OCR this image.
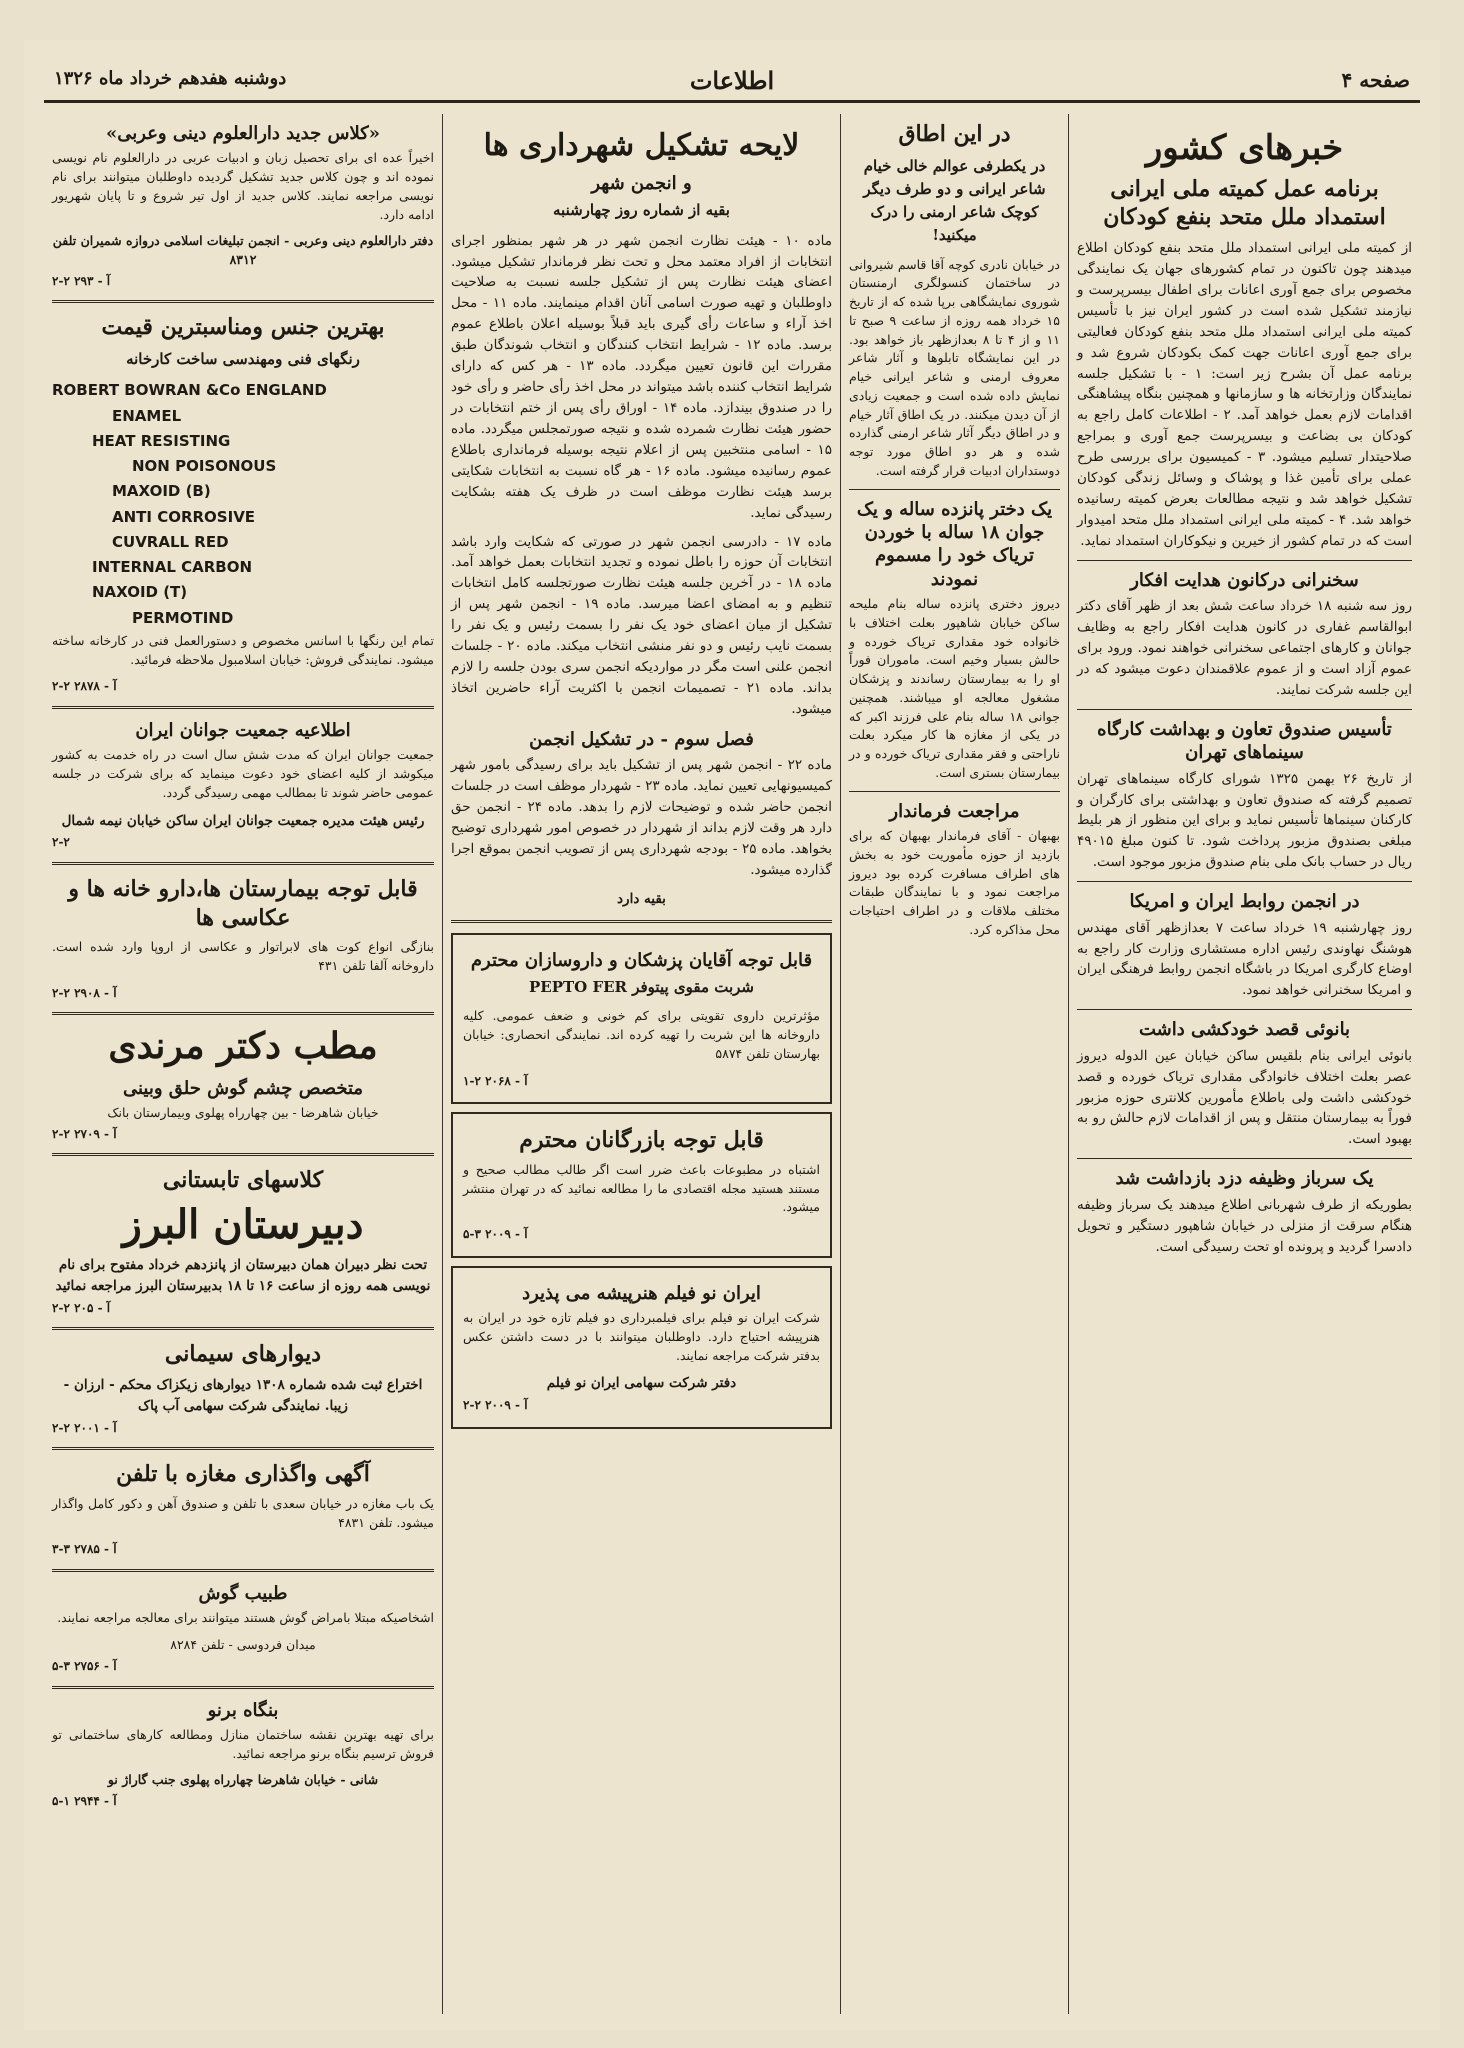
صفحه ۴
اطلاعات
دوشنبه هفدهم خرداد ماه ۱۳۲۶
خبرهای کشور
برنامه عمل کمیته ملی ایرانی استمداد ملل متحد بنفع کودکان

از کمیته ملی ایرانی استمداد ملل متحد بنفع کودکان اطلاع میدهند چون تاکنون در تمام کشورهای جهان یک نمایندگی مخصوص برای جمع آوری اعانات برای اطفال بیسرپرست و نیازمند تشکیل شده است در کشور ایران نیز با تأسیس کمیته ملی ایرانی استمداد ملل متحد بنفع کودکان فعالیتی برای جمع آوری اعانات جهت کمک بکودکان شروع شد و برنامه عمل آن بشرح زیر است: ۱ - با تشکیل جلسه نمایندگان وزارتخانه ها و سازمانها و همچنین بنگاه پیشاهنگی اقدامات لازم بعمل خواهد آمد. ۲ - اطلاعات کامل راجع به کودکان بی بضاعت و بیسرپرست جمع آوری و بمراجع صلاحیتدار تسلیم میشود. ۳ - کمیسیون برای بررسی طرح عملی برای تأمین غذا و پوشاک و وسائل زندگی کودکان تشکیل خواهد شد و نتیجه مطالعات بعرض کمیته رسانیده خواهد شد. ۴ - کمیته ملی ایرانی استمداد ملل متحد امیدوار است که در تمام کشور از خیرین و نیکوکاران استمداد نماید.

سخنرانی درکانون هدایت افکار

روز سه شنبه ۱۸ خرداد ساعت شش بعد از ظهر آقای دکتر ابوالقاسم غفاری در کانون هدایت افکار راجع به وظایف جوانان و کارهای اجتماعی سخنرانی خواهند نمود. ورود برای عموم آزاد است و از عموم علاقمندان دعوت میشود که در این جلسه شرکت نمایند.

تأسیس صندوق تعاون و بهداشت کارگاه سینماهای تهران

از تاریخ ۲۶ بهمن ۱۳۲۵ شورای کارگاه سینماهای تهران تصمیم گرفته که صندوق تعاون و بهداشتی برای کارگران و کارکنان سینماها تأسیس نماید و برای این منظور از هر بلیط مبلغی بصندوق مزبور پرداخت شود. تا کنون مبلغ ۴۹۰۱۵ ریال در حساب بانک ملی بنام صندوق مزبور موجود است.

در انجمن روابط ایران و امریکا

روز چهارشنبه ۱۹ خرداد ساعت ۷ بعدازظهر آقای مهندس هوشنگ نهاوندی رئیس اداره مستشاری وزارت کار راجع به اوضاع کارگری امریکا در باشگاه انجمن روابط فرهنگی ایران و امریکا سخنرانی خواهد نمود.

بانوئی قصد خودکشی داشت

بانوئی ایرانی بنام بلقیس ساکن خیابان عین الدوله دیروز عصر بعلت اختلاف خانوادگی مقداری تریاک خورده و قصد خودکشی داشت ولی باطلاع مأمورین کلانتری حوزه مزبور فوراً به بیمارستان منتقل و پس از اقدامات لازم حالش رو به بهبود است.

یک سرباز وظیفه دزد بازداشت شد

بطوریکه از طرف شهربانی اطلاع میدهند یک سرباز وظیفه هنگام سرقت از منزلی در خیابان شاهپور دستگیر و تحویل دادسرا گردید و پرونده او تحت رسیدگی است.

در این اطاق
در یکطرفی عوالم خالی خیام شاعر ایرانی و دو طرف دیگر کوچک شاعر ارمنی را درک میکنید!

در خیابان نادری کوچه آقا قاسم شیروانی در ساختمان کنسولگری ارمنستان شوروی نمایشگاهی برپا شده که از تاریخ ۱۵ خرداد همه روزه از ساعت ۹ صبح تا ۱۱ و از ۴ تا ۸ بعدازظهر باز خواهد بود. در این نمایشگاه تابلوها و آثار شاعر معروف ارمنی و شاعر ایرانی خیام نمایش داده شده است و جمعیت زیادی از آن دیدن میکنند. در یک اطاق آثار خیام و در اطاق دیگر آثار شاعر ارمنی گذارده شده و هر دو اطاق مورد توجه دوستداران ادبیات قرار گرفته است.

یک دختر پانزده ساله و یک جوان ۱۸ ساله با خوردن تریاک خود را مسموم نمودند

دیروز دختری پانزده ساله بنام ملیحه ساکن خیابان شاهپور بعلت اختلاف با خانواده خود مقداری تریاک خورده و حالش بسیار وخیم است. ماموران فوراً او را به بیمارستان رساندند و پزشکان مشغول معالجه او میباشند. همچنین جوانی ۱۸ ساله بنام علی فرزند اکبر که در یکی از مغازه ها کار میکرد بعلت ناراحتی و فقر مقداری تریاک خورده و در بیمارستان بستری است.

مراجعت فرماندار

بهبهان - آقای فرماندار بهبهان که برای بازدید از حوزه مأموریت خود به بخش های اطراف مسافرت کرده بود دیروز مراجعت نمود و با نمایندگان طبقات مختلف ملاقات و در اطراف احتیاجات محل مذاکره کرد.

لایحه تشکیل شهرداری ها
و انجمن شهر
بقیه از شماره روز چهارشنبه

ماده ۱۰ - هیئت نظارت انجمن شهر در هر شهر بمنظور اجرای انتخابات از افراد معتمد محل و تحت نظر فرماندار تشکیل میشود. اعضای هیئت نظارت پس از تشکیل جلسه نسبت به صلاحیت داوطلبان و تهیه صورت اسامی آنان اقدام مینمایند. ماده ۱۱ - محل اخذ آراء و ساعات رأی گیری باید قبلاً بوسیله اعلان باطلاع عموم برسد. ماده ۱۲ - شرایط انتخاب کنندگان و انتخاب شوندگان طبق مقررات این قانون تعیین میگردد. ماده ۱۳ - هر کس که دارای شرایط انتخاب کننده باشد میتواند در محل اخذ رأی حاضر و رأی خود را در صندوق بیندازد. ماده ۱۴ - اوراق رأی پس از ختم انتخابات در حضور هیئت نظارت شمرده شده و نتیجه صورتمجلس میگردد. ماده ۱۵ - اسامی منتخبین پس از اعلام نتیجه بوسیله فرمانداری باطلاع عموم رسانیده میشود. ماده ۱۶ - هر گاه نسبت به انتخابات شکایتی برسد هیئت نظارت موظف است در ظرف یک هفته بشکایت رسیدگی نماید.

ماده ۱۷ - دادرسی انجمن شهر در صورتی که شکایت وارد باشد انتخابات آن حوزه را باطل نموده و تجدید انتخابات بعمل خواهد آمد. ماده ۱۸ - در آخرین جلسه هیئت نظارت صورتجلسه کامل انتخابات تنظیم و به امضای اعضا میرسد. ماده ۱۹ - انجمن شهر پس از تشکیل از میان اعضای خود یک نفر را بسمت رئیس و یک نفر را بسمت نایب رئیس و دو نفر منشی انتخاب میکند. ماده ۲۰ - جلسات انجمن علنی است مگر در مواردیکه انجمن سری بودن جلسه را لازم بداند. ماده ۲۱ - تصمیمات انجمن با اکثریت آراء حاضرین اتخاذ میشود.

فصل سوم - در تشکیل انجمن

ماده ۲۲ - انجمن شهر پس از تشکیل باید برای رسیدگی بامور شهر کمیسیونهایی تعیین نماید. ماده ۲۳ - شهردار موظف است در جلسات انجمن حاضر شده و توضیحات لازم را بدهد. ماده ۲۴ - انجمن حق دارد هر وقت لازم بداند از شهردار در خصوص امور شهرداری توضیح بخواهد. ماده ۲۵ - بودجه شهرداری پس از تصویب انجمن بموقع اجرا گذارده میشود.

بقیه دارد
قابل توجه آقایان پزشکان و داروسازان محترم
شربت مقوی پیتوفر PEPTO FER

مؤثرترین داروی تقویتی برای کم خونی و ضعف عمومی. کلیه داروخانه ها این شربت را تهیه کرده اند. نمایندگی انحصاری: خیابان بهارستان تلفن ۵۸۷۴

آ - ۲۰۶۸ ۲-۱
قابل توجه بازرگانان محترم

اشتباه در مطبوعات باعث ضرر است اگر طالب مطالب صحیح و مستند هستید مجله اقتصادی ما را مطالعه نمائید که در تهران منتشر میشود.

آ - ۲۰۰۹ ۳-۵
ایران نو فیلم هنرپیشه می پذیرد

شرکت ایران نو فیلم برای فیلمبرداری دو فیلم تازه خود در ایران به هنرپیشه احتیاج دارد. داوطلبان میتوانند با در دست داشتن عکس بدفتر شرکت مراجعه نمایند.

دفتر شرکت سهامی ایران نو فیلم
آ - ۲۰۰۹ ۲-۲
«کلاس جدید دارالعلوم دینی وعربی»

اخیراً عده ای برای تحصیل زبان و ادبیات عربی در دارالعلوم نام نویسی نموده اند و چون کلاس جدید تشکیل گردیده داوطلبان میتوانند برای نام نویسی مراجعه نمایند. کلاس جدید از اول تیر شروع و تا پایان شهریور ادامه دارد.

دفتر دارالعلوم دینی وعربی - انجمن تبلیغات اسلامی دروازه شمیران تلفن ۸۳۱۲
آ - ۲۹۳ ۲-۲
بهترین جنس ومناسبترین قیمت
رنگهای فنی ومهندسی ساخت کارخانه
ROBERT BOWRAN &Co ENGLAND
ENAMEL
HEAT RESISTING
NON POISONOUS
MAXOID (B)
ANTI CORROSIVE
CUVRALL RED
INTERNAL CARBON
NAXOID (T)
PERMOTIND

تمام این رنگها با اسانس مخصوص و دستورالعمل فنی در کارخانه ساخته میشود. نمایندگی فروش: خیابان اسلامبول ملاحظه فرمائید.

آ - ۲۸۷۸ ۲-۲
اطلاعیه جمعیت جوانان ایران

جمعیت جوانان ایران که مدت شش سال است در راه خدمت به کشور میکوشد از کلیه اعضای خود دعوت مینماید که برای شرکت در جلسه عمومی حاضر شوند تا بمطالب مهمی رسیدگی گردد.

رئیس هیئت مدیره جمعیت جوانان ایران ساکن خیابان نیمه شمال
۲-۲
قابل توجه بیمارستان ها،دارو خانه ها و عکاسی ها

بنازگی انواع کوت های لابراتوار و عکاسی از اروپا وارد شده است. داروخانه آلفا تلفن ۴۳۱

آ - ۲۹۰۸ ۲-۲
مطب دکتر مرندی
متخصص چشم گوش حلق وبینی
خیابان شاهرضا - بین چهارراه پهلوی وبیمارستان بانک
آ - ۲۷۰۹ ۲-۲
کلاسهای تابستانی
دبیرستان البرز
تحت نظر دبیران همان دبیرستان از پانزدهم خرداد مفتوح برای نام نویسی همه روزه از ساعت ۱۶ تا ۱۸ بدبیرستان البرز مراجعه نمائید
آ - ۲۰۵ ۲-۲
دیوارهای سیمانی
اختراع ثبت شده شماره ۱۳۰۸ دیوارهای زیکزاک محکم - ارزان - زیبا. نمایندگی شرکت سهامی آب پاک
آ - ۲۰۰۱ ۲-۲
آگهی واگذاری مغازه با تلفن

یک باب مغازه در خیابان سعدی با تلفن و صندوق آهن و دکور کامل واگذار میشود. تلفن ۴۸۳۱

آ - ۲۷۸۵ ۳-۳
طبیب گوش

اشخاصیکه مبتلا بامراض گوش هستند میتوانند برای معالجه مراجعه نمایند.

میدان فردوسی - تلفن ۸۲۸۴
آ - ۲۷۵۶ ۳-۵
بنگاه برنو

برای تهیه بهترین نقشه ساختمان منازل ومطالعه کارهای ساختمانی تو فروش ترسیم بنگاه برنو مراجعه نمائید.

شانی - خیابان شاهرضا چهارراه پهلوی جنب گاراژ نو
آ - ۲۹۴۴ ۱-۵
